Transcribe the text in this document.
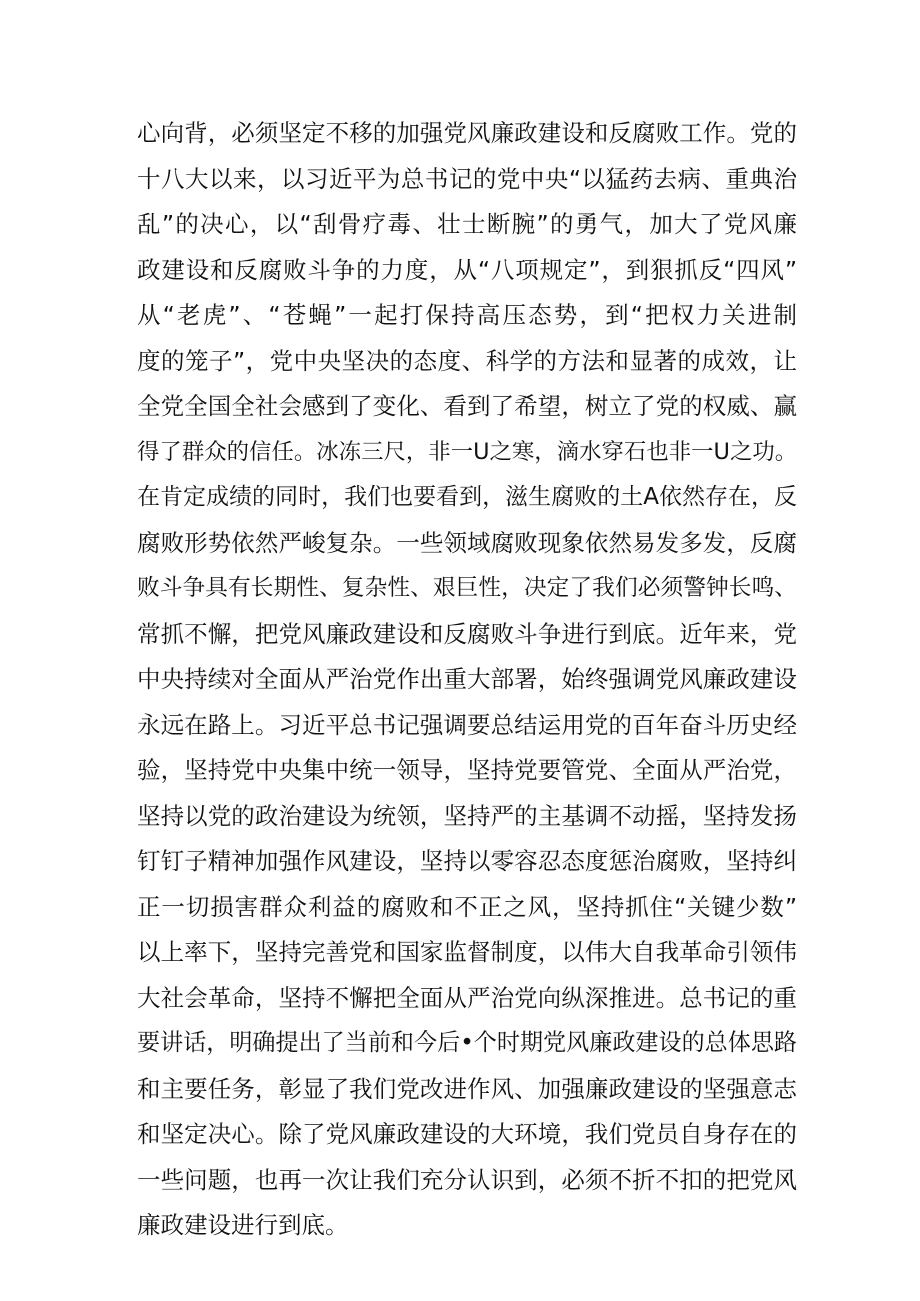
心向背，必须坚定不移的加强党风廉政建设和反腐败工作。党的
十八大以来，以习近平为总书记的党中央“以猛药去病、重典治
乱”的决心，以“刮骨疗毒、壮士断腕”的勇气，加大了党风廉
政建设和反腐败斗争的力度，从“八项规定”，到狠抓反“四风”
从“老虎”、“苍蝇”一起打保持高压态势，到“把权力关进制
度的笼子”，党中央坚决的态度、科学的方法和显著的成效，让
全党全国全社会感到了变化、看到了希望，树立了党的权威、赢
得了群众的信任。冰冻三尺，非一U之寒，滴水穿石也非一U之功。
在肯定成绩的同时，我们也要看到，滋生腐败的土A依然存在，反
腐败形势依然严峻复杂。一些领域腐败现象依然易发多发，反腐
败斗争具有长期性、复杂性、艰巨性，决定了我们必须警钟长鸣、
常抓不懈，把党风廉政建设和反腐败斗争进行到底。近年来，党
中央持续对全面从严治党作出重大部署，始终强调党风廉政建设
永远在路上。习近平总书记强调要总结运用党的百年奋斗历史经
验，坚持党中央集中统一领导，坚持党要管党、全面从严治党，
坚持以党的政治建设为统领，坚持严的主基调不动摇，坚持发扬
钉钉子精神加强作风建设，坚持以零容忍态度惩治腐败，坚持纠
正一切损害群众利益的腐败和不正之风，坚持抓住“关键少数”
以上率下，坚持完善党和国家监督制度，以伟大自我革命引领伟
大社会革命，坚持不懈把全面从严治党向纵深推进。总书记的重
要讲话，明确提出了当前和今后•个时期党风廉政建设的总体思路
和主要任务，彰显了我们党改进作风、加强廉政建设的坚强意志
和坚定决心。除了党风廉政建设的大环境，我们党员自身存在的
一些问题，也再一次让我们充分认识到，必须不折不扣的把党风
廉政建设进行到底。
